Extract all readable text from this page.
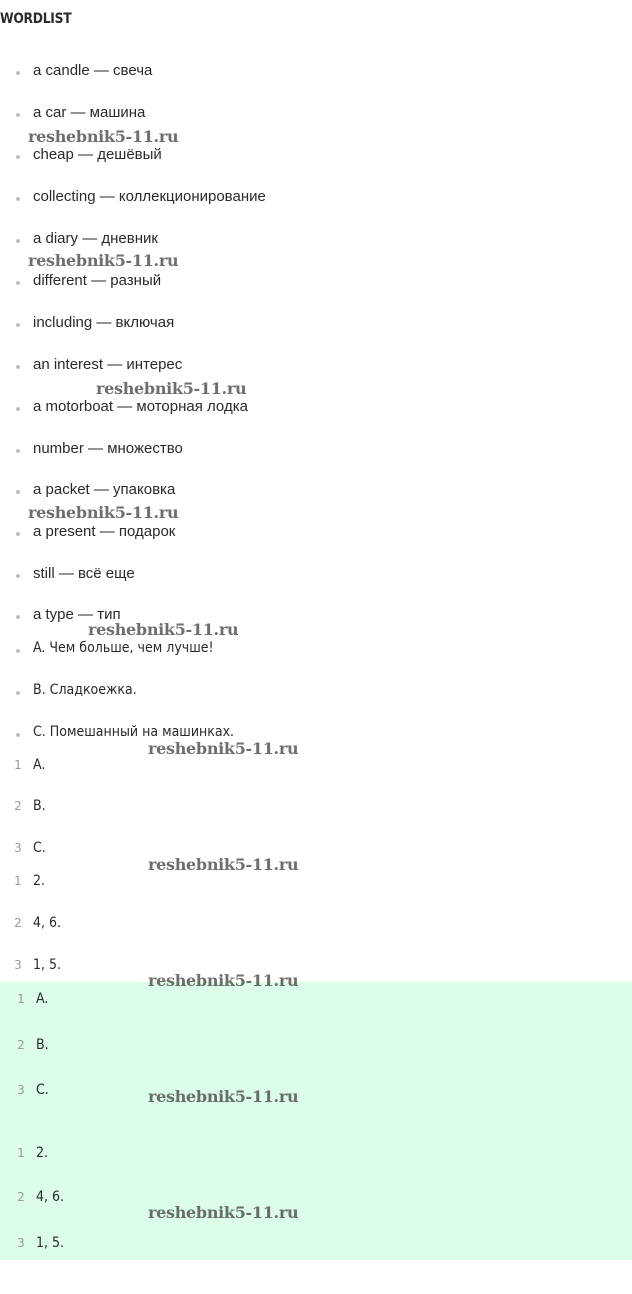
WORDLIST
a candle — свеча
a car — машина
cheap — дешёвый
collecting — коллекционирование
a diary — дневник
different — разный
including — включая
an interest — интерес
a motorboat — моторная лодка
number — множество
a packet — упаковка
a present — подарок
still — всё еще
a type — тип
A. Чем больше, чем лучше!
B. Сладкоежка.
C. Помешанный на машинках.
1 A.
2 B.
3 C.
1 2.
2 4, 6.
3 1, 5.
1 A.
2 B.
3 C.
1 2.
2 4, 6.
3 1, 5.
reshebnik5-11.ru
reshebnik5-11.ru
reshebnik5-11.ru
reshebnik5-11.ru
reshebnik5-11.ru
reshebnik5-11.ru
reshebnik5-11.ru
reshebnik5-11.ru
reshebnik5-11.ru
reshebnik5-11.ru
